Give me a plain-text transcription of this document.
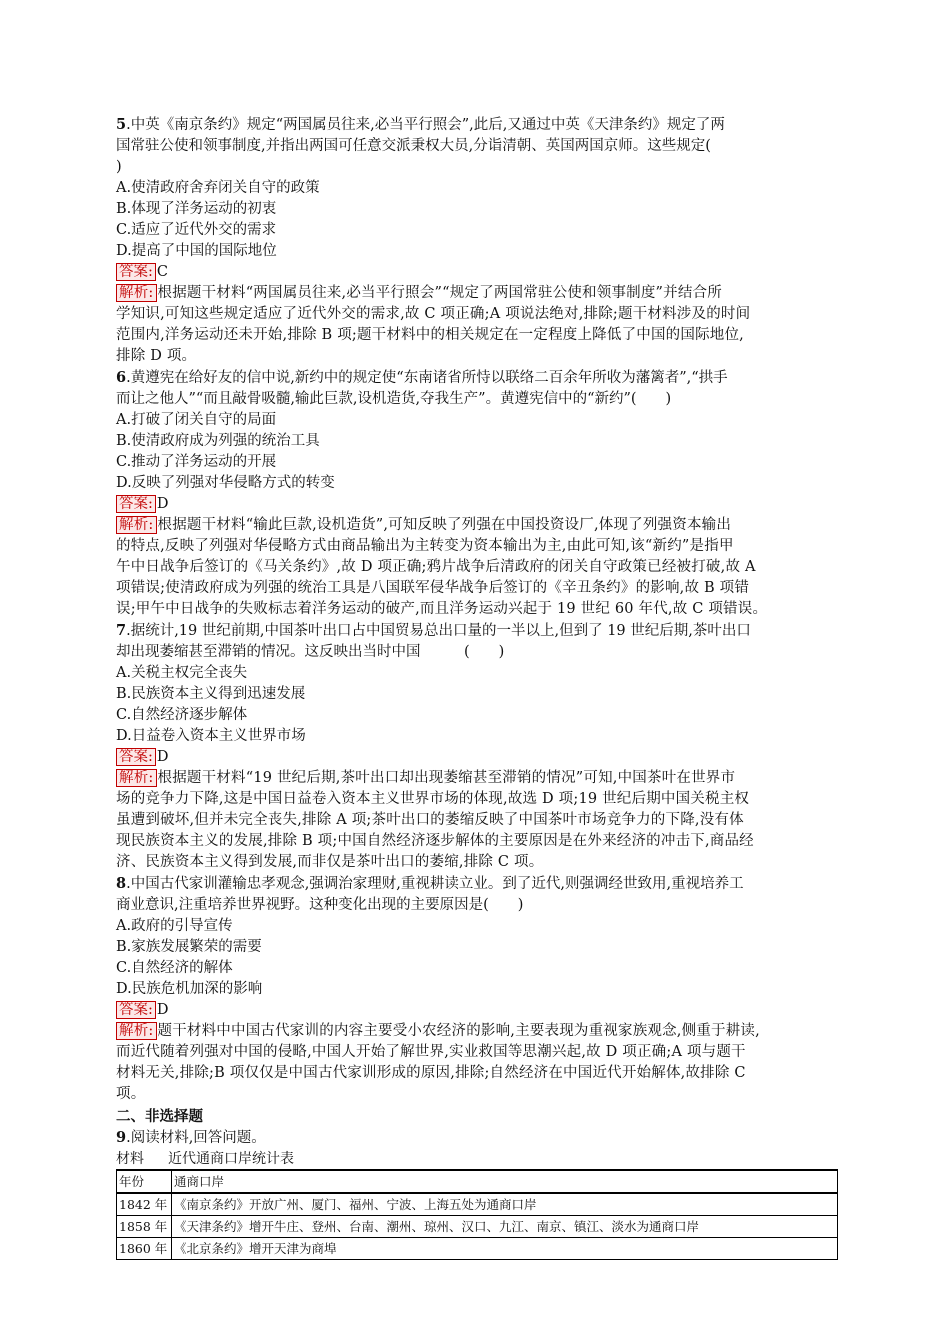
5.中英《南京条约》规定“两国属员往来,必当平行照会”,此后,又通过中英《天津条约》规定了两
国常驻公使和领事制度,并指出两国可任意交派秉权大员,分诣清朝、英国两国京师。这些规定(
)
A.使清政府舍弃闭关自守的政策
B.体现了洋务运动的初衷
C.适应了近代外交的需求
D.提高了中国的国际地位
答案: C
解析: 根据题干材料“两国属员往来,必当平行照会”“规定了两国常驻公使和领事制度”并结合所
学知识,可知这些规定适应了近代外交的需求,故 C 项正确;A 项说法绝对,排除;题干材料涉及的时间
范围内,洋务运动还未开始,排除 B 项;题干材料中的相关规定在一定程度上降低了中国的国际地位,
排除 D 项。
6.黄遵宪在给好友的信中说,新约中的规定使“东南诸省所恃以联络二百余年所收为藩篱者”,“拱手
而让之他人”“而且敲骨吸髓,输此巨款,设机造货,夺我生产”。黄遵宪信中的“新约”(　　)
A.打破了闭关自守的局面
B.使清政府成为列强的统治工具
C.推动了洋务运动的开展
D.反映了列强对华侵略方式的转变
答案: D
解析: 根据题干材料“输此巨款,设机造货”,可知反映了列强在中国投资设厂,体现了列强资本输出
的特点,反映了列强对华侵略方式由商品输出为主转变为资本输出为主,由此可知,该“新约”是指甲
午中日战争后签订的《马关条约》,故 D 项正确;鸦片战争后清政府的闭关自守政策已经被打破,故 A
项错误;使清政府成为列强的统治工具是八国联军侵华战争后签订的《辛丑条约》的影响,故 B 项错
误;甲午中日战争的失败标志着洋务运动的破产,而且洋务运动兴起于 19 世纪 60 年代,故 C 项错误。
7.据统计,19 世纪前期,中国茶叶出口占中国贸易总出口量的一半以上,但到了 19 世纪后期,茶叶出口
却出现萎缩甚至滞销的情况。这反映出当时中国　　　(　　)
A.关税主权完全丧失
B.民族资本主义得到迅速发展
C.自然经济逐步解体
D.日益卷入资本主义世界市场
答案: D
解析: 根据题干材料“19 世纪后期,茶叶出口却出现萎缩甚至滞销的情况”可知,中国茶叶在世界市
场的竞争力下降,这是中国日益卷入资本主义世界市场的体现,故选 D 项;19 世纪后期中国关税主权
虽遭到破坏,但并未完全丧失,排除 A 项;茶叶出口的萎缩反映了中国茶叶市场竞争力的下降,没有体
现民族资本主义的发展,排除 B 项;中国自然经济逐步解体的主要原因是在外来经济的冲击下,商品经
济、民族资本主义得到发展,而非仅是茶叶出口的萎缩,排除 C 项。
8.中国古代家训灌输忠孝观念,强调治家理财,重视耕读立业。到了近代,则强调经世致用,重视培养工
商业意识,注重培养世界视野。这种变化出现的主要原因是(　　)
A.政府的引导宣传
B.家族发展繁荣的需要
C.自然经济的解体
D.民族危机加深的影响
答案: D
解析: 题干材料中中国古代家训的内容主要受小农经济的影响,主要表现为重视家族观念,侧重于耕读,
而近代随着列强对中国的侵略,中国人开始了解世界,实业救国等思潮兴起,故 D 项正确;A 项与题干
材料无关,排除;B 项仅仅是中国古代家训形成的原因,排除;自然经济在中国近代开始解体,故排除 C
项。
二、非选择题
9.阅读材料,回答问题。
材料 近代通商口岸统计表
年份	通商口岸
1842 年	《南京条约》开放广州、厦门、福州、宁波、上海五处为通商口岸
1858 年	《天津条约》增开牛庄、登州、台南、潮州、琼州、汉口、九江、南京、镇江、淡水为通商口岸
1860 年	《北京条约》增开天津为商埠
